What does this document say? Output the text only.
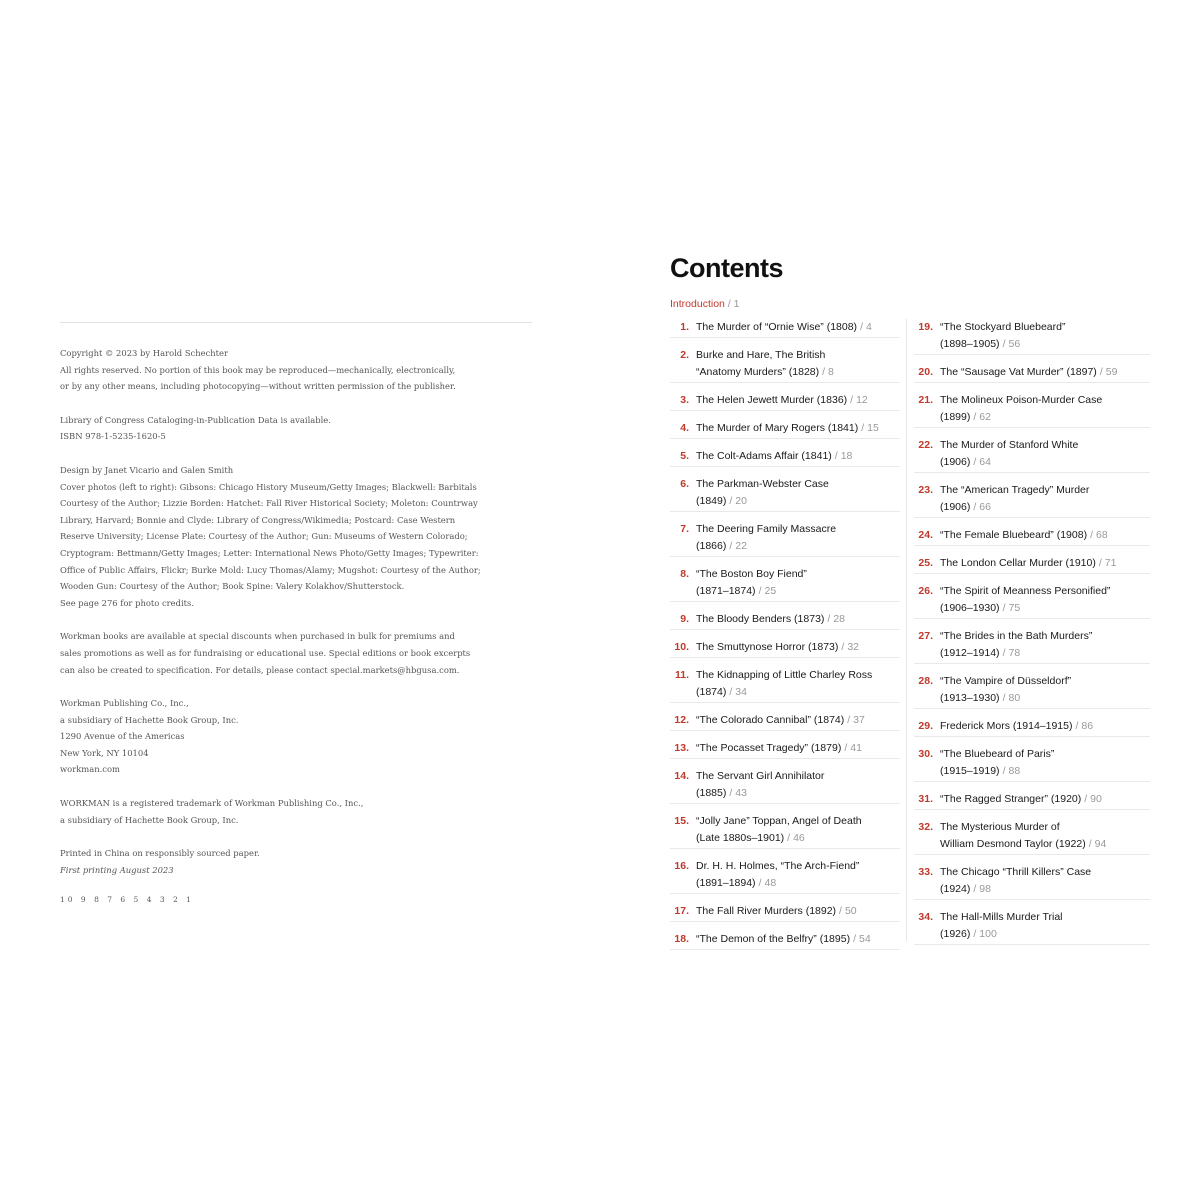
Copyright © 2023 by Harold Schechter
All rights reserved. No portion of this book may be reproduced—mechanically, electronically,
or by any other means, including photocopying—without written permission of the publisher.
Library of Congress Cataloging-in-Publication Data is available.
ISBN 978-1-5235-1620-5
Design by Janet Vicario and Galen Smith
Cover photos (left to right): Gibsons: Chicago History Museum/Getty Images; Blackwell: Barbitals
Courtesy of the Author; Lizzie Borden: Hatchet: Fall River Historical Society; Moleton: Countrway
Library, Harvard; Bonnie and Clyde: Library of Congress/Wikimedia; Postcard: Case Western
Reserve University; License Plate: Courtesy of the Author; Gun: Museums of Western Colorado;
Cryptogram: Bettmann/Getty Images; Letter: International News Photo/Getty Images; Typewriter:
Office of Public Affairs, Flickr; Burke Mold: Lucy Thomas/Alamy; Mugshot: Courtesy of the Author;
Wooden Gun: Courtesy of the Author; Book Spine: Valery Kolakhov/Shutterstock.
See page 276 for photo credits.
Workman books are available at special discounts when purchased in bulk for premiums and
sales promotions as well as for fundraising or educational use. Special editions or book excerpts
can also be created to specification. For details, please contact special.markets@hbgusa.com.
Workman Publishing Co., Inc.,
a subsidiary of Hachette Book Group, Inc.
1290 Avenue of the Americas
New York, NY 10104
workman.com
WORKMAN is a registered trademark of Workman Publishing Co., Inc.,
a subsidiary of Hachette Book Group, Inc.
Printed in China on responsibly sourced paper.
First printing August 2023
10 9 8 7 6 5 4 3 2 1
Contents
Introduction / 1
1. The Murder of “Ornie Wise” (1808) / 4
2. Burke and Hare, The British
“Anatomy Murders” (1828) / 8
3. The Helen Jewett Murder (1836) / 12
4. The Murder of Mary Rogers (1841) / 15
5. The Colt-Adams Affair (1841) / 18
6. The Parkman-Webster Case
(1849) / 20
7. The Deering Family Massacre
(1866) / 22
8. “The Boston Boy Fiend”
(1871–1874) / 25
9. The Bloody Benders (1873) / 28
10. The Smuttynose Horror (1873) / 32
11. The Kidnapping of Little Charley Ross
(1874) / 34
12. “The Colorado Cannibal” (1874) / 37
13. “The Pocasset Tragedy” (1879) / 41
14. The Servant Girl Annihilator
(1885) / 43
15. “Jolly Jane” Toppan, Angel of Death
(Late 1880s–1901) / 46
16. Dr. H. H. Holmes, “The Arch-Fiend”
(1891–1894) / 48
17. The Fall River Murders (1892) / 50
18. “The Demon of the Belfry” (1895) / 54
19. “The Stockyard Bluebeard”
(1898–1905) / 56
20. The “Sausage Vat Murder” (1897) / 59
21. The Molineux Poison-Murder Case
(1899) / 62
22. The Murder of Stanford White
(1906) / 64
23. The “American Tragedy” Murder
(1906) / 66
24. “The Female Bluebeard” (1908) / 68
25. The London Cellar Murder (1910) / 71
26. “The Spirit of Meanness Personified”
(1906–1930) / 75
27. “The Brides in the Bath Murders”
(1912–1914) / 78
28. “The Vampire of Düsseldorf”
(1913–1930) / 80
29. Frederick Mors (1914–1915) / 86
30. “The Bluebeard of Paris”
(1915–1919) / 88
31. “The Ragged Stranger” (1920) / 90
32. The Mysterious Murder of
William Desmond Taylor (1922) / 94
33. The Chicago “Thrill Killers” Case
(1924) / 98
34. The Hall-Mills Murder Trial
(1926) / 100
